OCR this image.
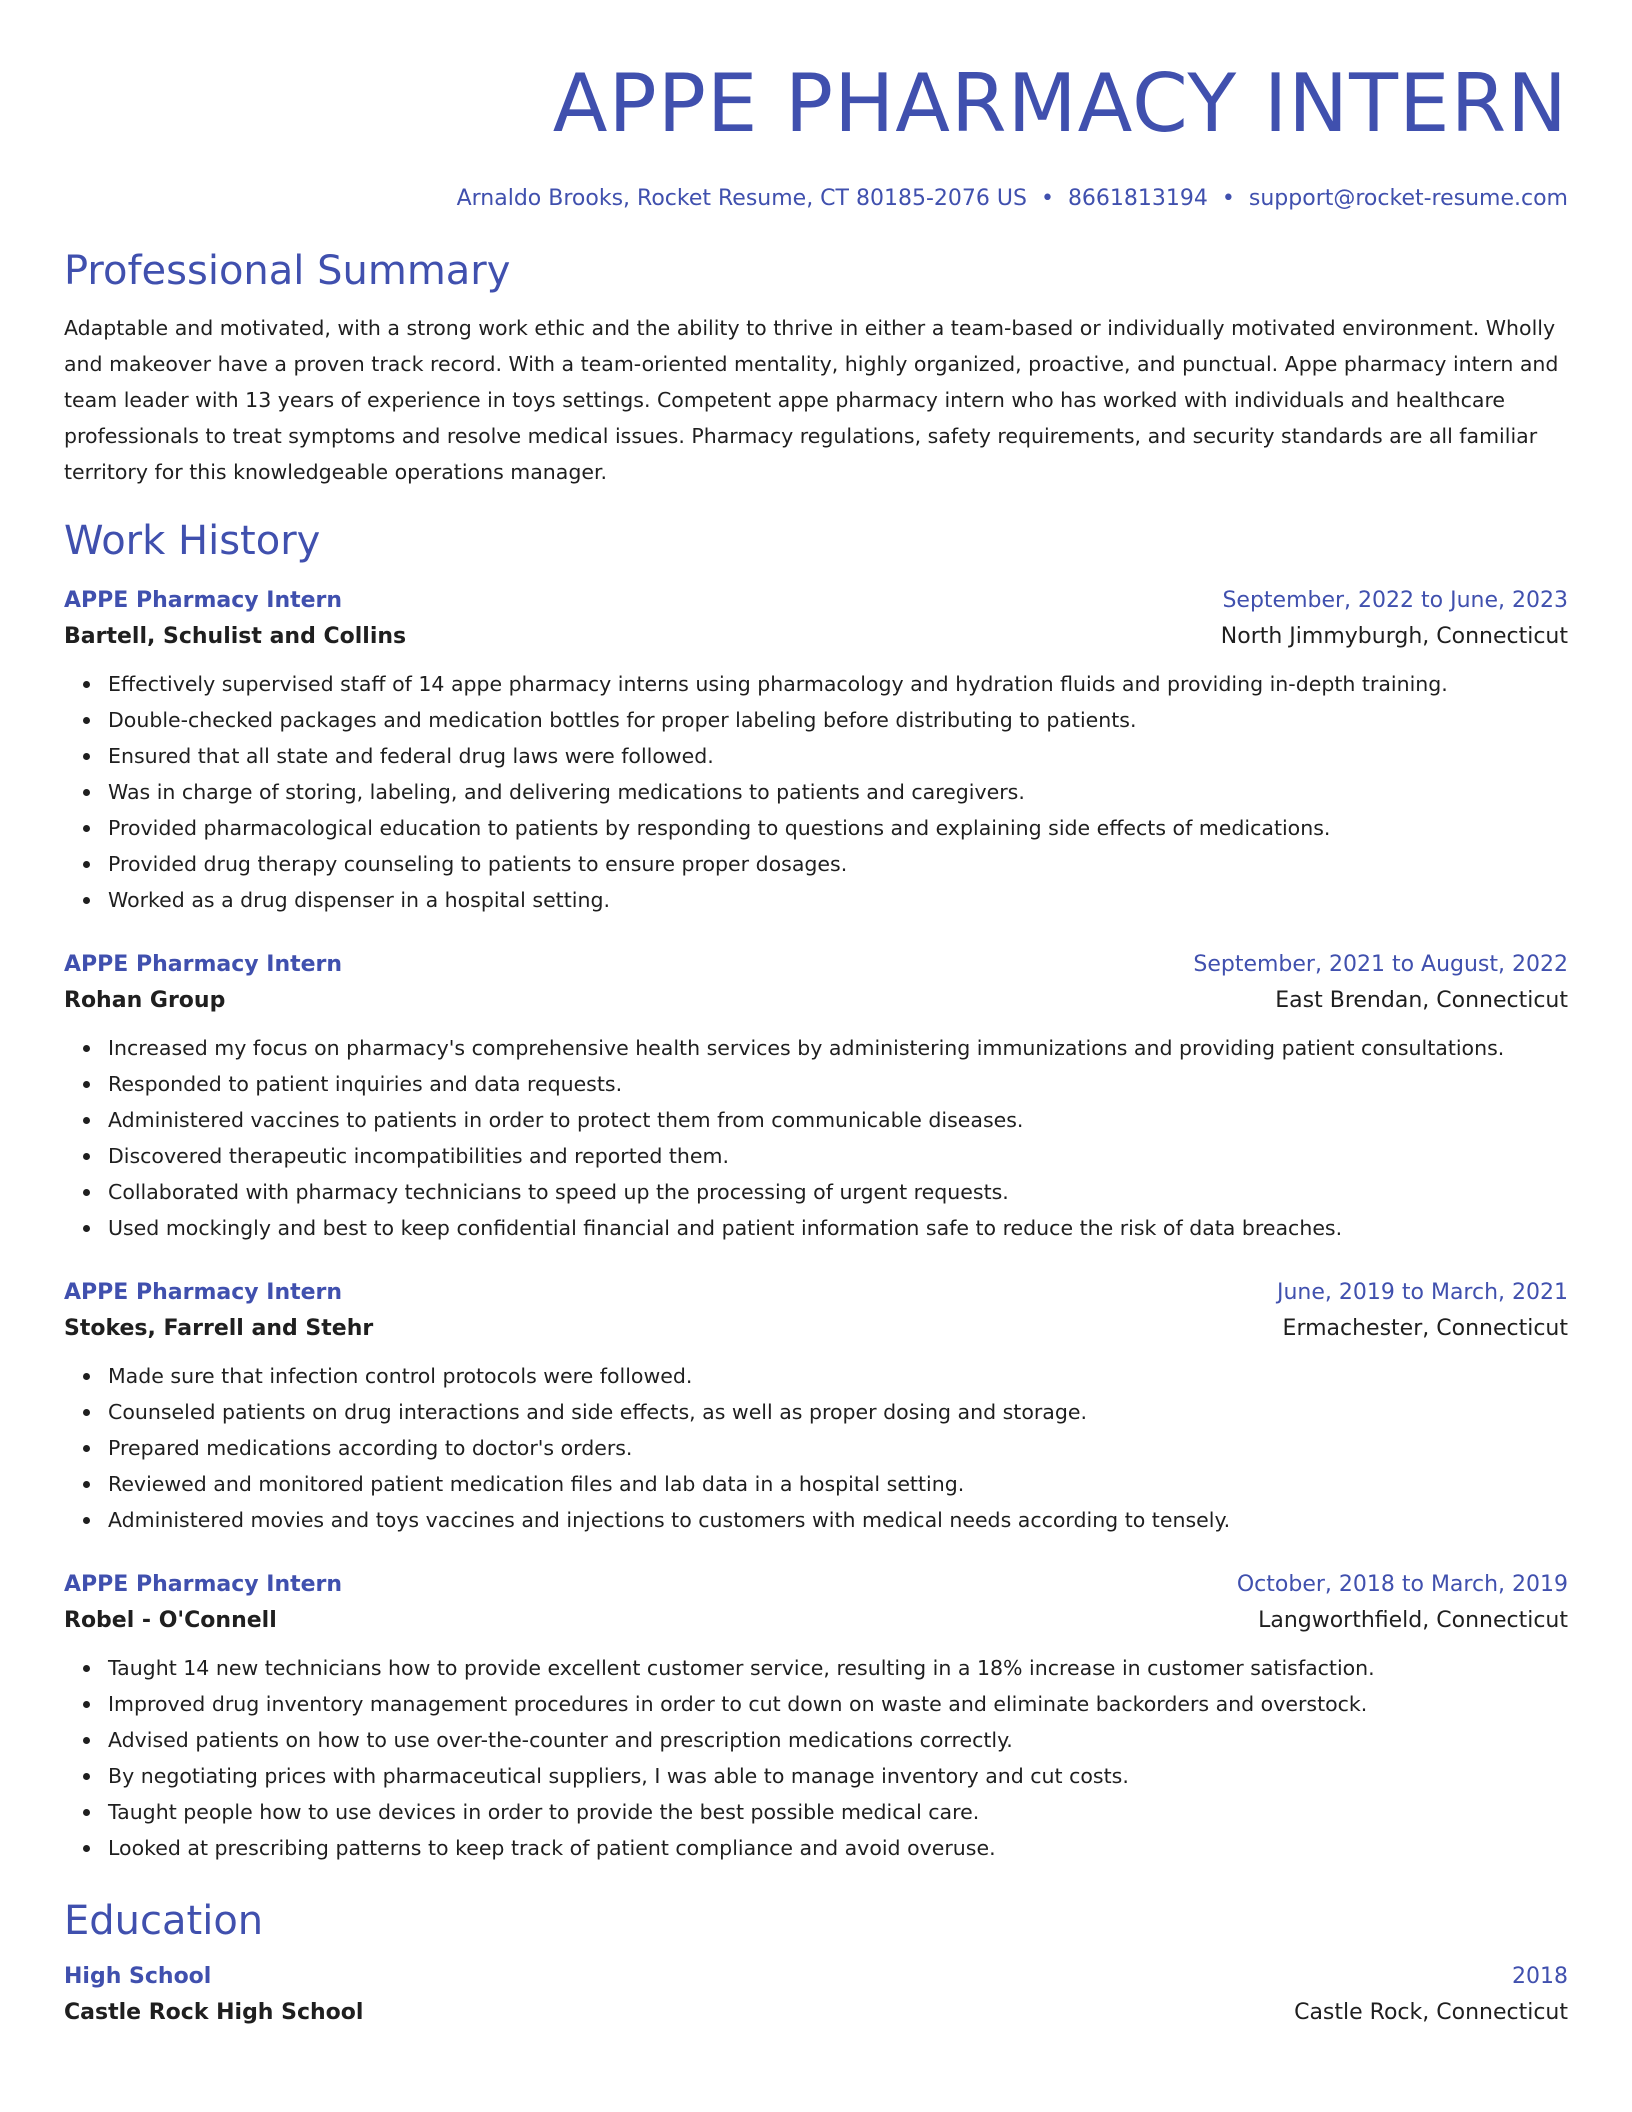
APPE PHARMACY INTERN
Arnaldo Brooks, Rocket Resume, CT 80185-2076 US • 8661813194 • support@rocket-resume.com
Professional Summary
Adaptable and motivated, with a strong work ethic and the ability to thrive in either a team-based or individually motivated environment. Wholly and makeover have a proven track record. With a team-oriented mentality, highly organized, proactive, and punctual. Appe pharmacy intern and team leader with 13 years of experience in toys settings. Competent appe pharmacy intern who has worked with individuals and healthcare professionals to treat symptoms and resolve medical issues. Pharmacy regulations, safety requirements, and security standards are all familiar territory for this knowledgeable operations manager.
Work History
APPE Pharmacy Intern	September, 2022 to June, 2023
Bartell, Schulist and Collins	North Jimmyburgh, Connecticut
Effectively supervised staff of 14 appe pharmacy interns using pharmacology and hydration fluids and providing in-depth training.
Double-checked packages and medication bottles for proper labeling before distributing to patients.
Ensured that all state and federal drug laws were followed.
Was in charge of storing, labeling, and delivering medications to patients and caregivers.
Provided pharmacological education to patients by responding to questions and explaining side effects of medications.
Provided drug therapy counseling to patients to ensure proper dosages.
Worked as a drug dispenser in a hospital setting.
APPE Pharmacy Intern	September, 2021 to August, 2022
Rohan Group	East Brendan, Connecticut
Increased my focus on pharmacy's comprehensive health services by administering immunizations and providing patient consultations.
Responded to patient inquiries and data requests.
Administered vaccines to patients in order to protect them from communicable diseases.
Discovered therapeutic incompatibilities and reported them.
Collaborated with pharmacy technicians to speed up the processing of urgent requests.
Used mockingly and best to keep confidential financial and patient information safe to reduce the risk of data breaches.
APPE Pharmacy Intern	June, 2019 to March, 2021
Stokes, Farrell and Stehr	Ermachester, Connecticut
Made sure that infection control protocols were followed.
Counseled patients on drug interactions and side effects, as well as proper dosing and storage.
Prepared medications according to doctor's orders.
Reviewed and monitored patient medication files and lab data in a hospital setting.
Administered movies and toys vaccines and injections to customers with medical needs according to tensely.
APPE Pharmacy Intern	October, 2018 to March, 2019
Robel - O'Connell	Langworthfield, Connecticut
Taught 14 new technicians how to provide excellent customer service, resulting in a 18% increase in customer satisfaction.
Improved drug inventory management procedures in order to cut down on waste and eliminate backorders and overstock.
Advised patients on how to use over-the-counter and prescription medications correctly.
By negotiating prices with pharmaceutical suppliers, I was able to manage inventory and cut costs.
Taught people how to use devices in order to provide the best possible medical care.
Looked at prescribing patterns to keep track of patient compliance and avoid overuse.
Education
High School	2018
Castle Rock High School	Castle Rock, Connecticut
